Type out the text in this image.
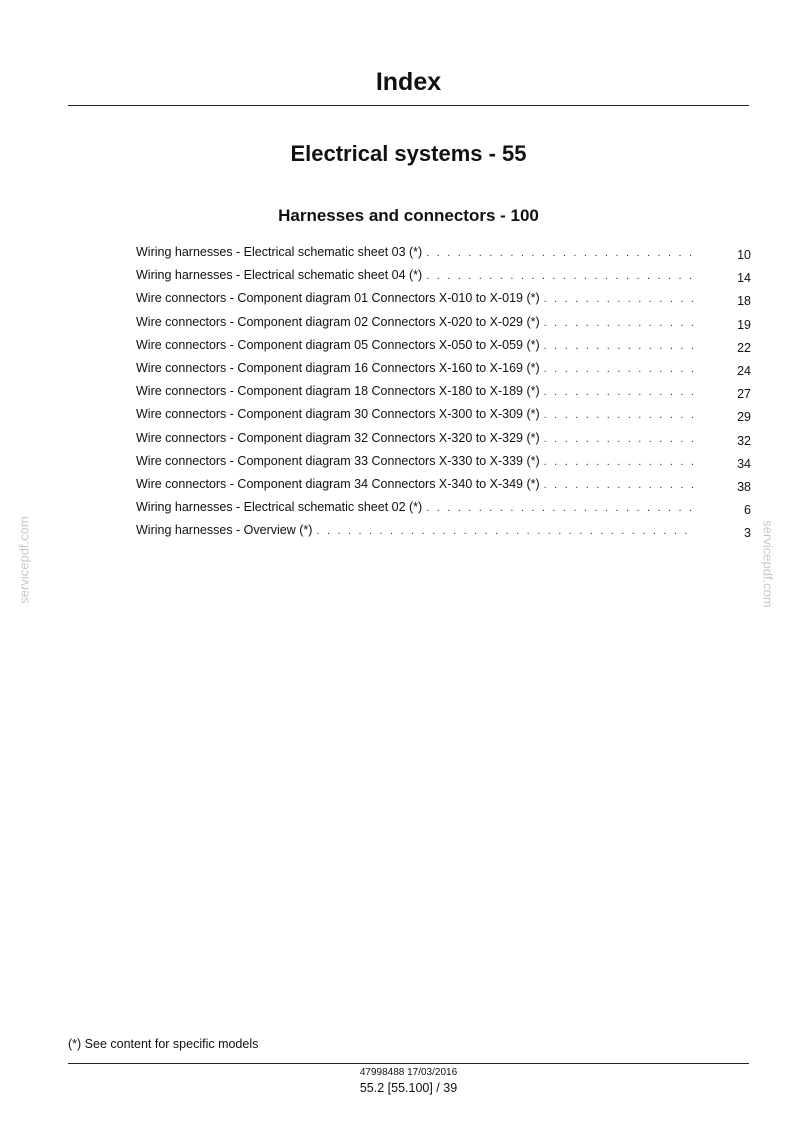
Index
Electrical systems - 55
Harnesses and connectors - 100
Wiring harnesses - Electrical schematic sheet 03 (*) . . .	10
Wiring harnesses - Electrical schematic sheet 04 (*) . . .	14
Wire connectors - Component diagram 01 Connectors X-010 to X-019 (*) . . .	18
Wire connectors - Component diagram 02 Connectors X-020 to X-029 (*) . . .	19
Wire connectors - Component diagram 05 Connectors X-050 to X-059 (*) . . .	22
Wire connectors - Component diagram 16 Connectors X-160 to X-169 (*) . . .	24
Wire connectors - Component diagram 18 Connectors X-180 to X-189 (*) . . .	27
Wire connectors - Component diagram 30 Connectors X-300 to X-309 (*) . . .	29
Wire connectors - Component diagram 32 Connectors X-320 to X-329 (*) . . .	32
Wire connectors - Component diagram 33 Connectors X-330 to X-339 (*) . . .	34
Wire connectors - Component diagram 34 Connectors X-340 to X-349 (*) . . .	38
Wiring harnesses - Electrical schematic sheet 02 (*) . . .	6
Wiring harnesses - Overview (*) . . .	3
servicepdf.com	servicepdf.com
(*) See content for specific models
47998488 17/03/2016
55.2 [55.100] / 39
